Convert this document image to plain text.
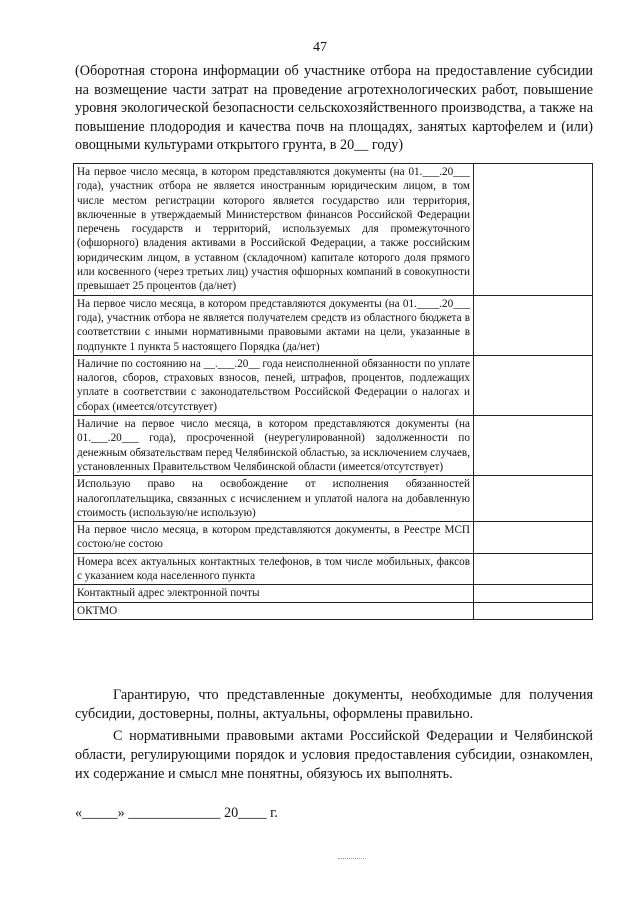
47
(Оборотная сторона информации об участнике отбора на предоставление субсидии на возмещение части затрат на проведение агротехнологических работ, повышение уровня экологической безопасности сельскохозяйственного производства, а также на повышение плодородия и качества почв на площадях, занятых картофелем и (или) овощными культурами открытого грунта, в 20__ году)
На первое число месяца, в котором представляются документы (на 01.___.20___ года), участник отбора не является иностранным юридическим лицом, в том числе местом регистрации которого является государство или территория, включенные в утверждаемый Министерством финансов Российской Федерации перечень государств и территорий, используемых для промежуточного (офшорного) владения активами в Российской Федерации, а также российским юридическим лицом, в уставном (складочном) капитале которого доля прямого или косвенного (через третьих лиц) участия офшорных компаний в совокупности превышает 25 процентов (да/нет)	
На первое число месяца, в котором представляются документы (на 01.____.20___ года), участник отбора не является получателем средств из областного бюджета в соответствии с иными нормативными правовыми актами на цели, указанные в подпункте 1 пункта 5 настоящего Порядка (да/нет)	
Наличие по состоянию на __.___.20__ года неисполненной обязанности по уплате налогов, сборов, страховых взносов, пеней, штрафов, процентов, подлежащих уплате в соответствии с законодательством Российской Федерации о налогах и сборах (имеется/отсутствует)	
Наличие на первое число месяца, в котором представляются документы (на 01.___.20___ года), просроченной (неурегулированной) задолженности по денежным обязательствам перед Челябинской областью, за исключением случаев, установленных Правительством Челябинской области (имеется/отсутствует)	
Использую право на освобождение от исполнения обязанностей налогоплательщика, связанных с исчислением и уплатой налога на добавленную стоимость (использую/не использую)	
На первое число месяца, в котором представляются документы, в Реестре МСП состою/не состою	
Номера всех актуальных контактных телефонов, в том числе мобильных, факсов с указанием кода населенного пункта	
Контактный адрес электронной почты	
ОКТМО	
Гарантирую, что представленные документы, необходимые для получения субсидии, достоверны, полны, актуальны, оформлены правильно.
С нормативными правовыми актами Российской Федерации и Челябинской области, регулирующими порядок и условия предоставления субсидии, ознакомлен, их содержание и смысл мне понятны, обязуюсь их выполнять.
«_____» _____________ 20____ г.
